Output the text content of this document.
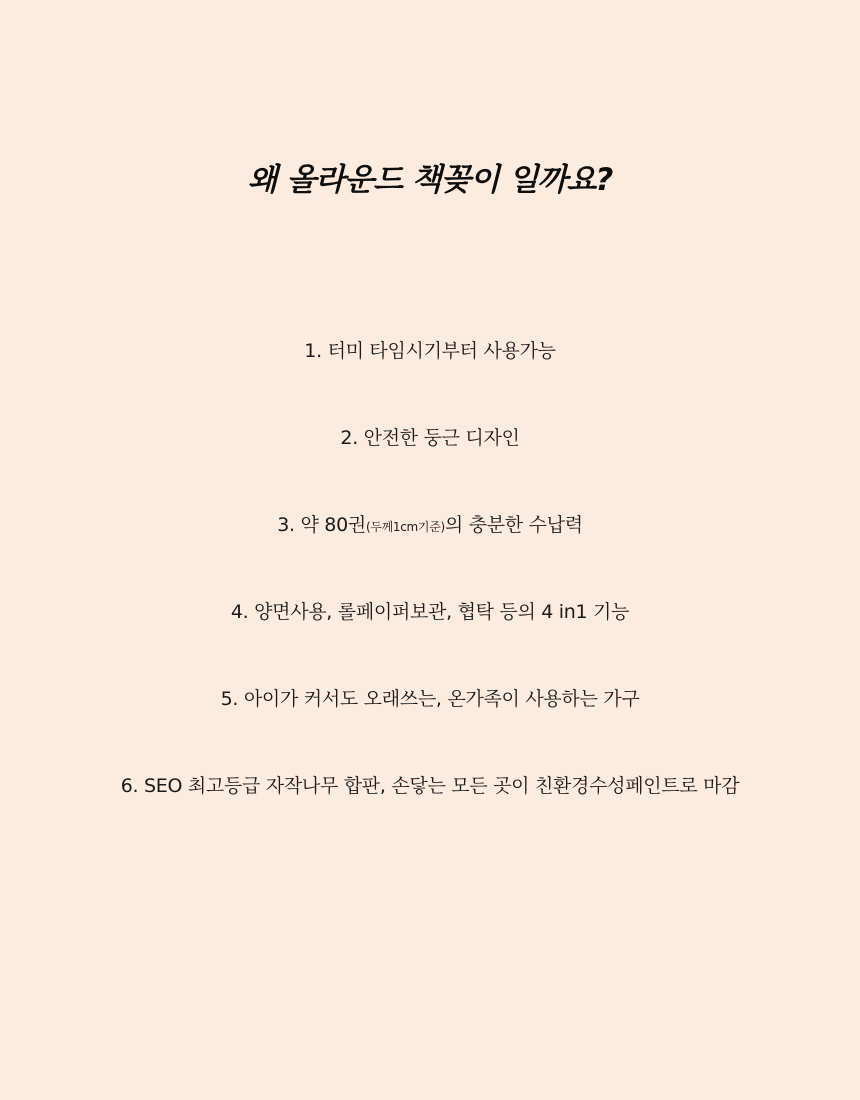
왜 올라운드 책꽂이 일까요?
1. 터미 타임시기부터 사용가능
2. 안전한 둥근 디자인
3. 약 80권(두께1cm기준)의 충분한 수납력
4. 양면사용, 롤페이퍼보관, 협탁 등의 4 in1 기능
5. 아이가 커서도 오래쓰는, 온가족이 사용하는 가구
6. SEO 최고등급 자작나무 합판, 손닿는 모든 곳이 친환경수성페인트로 마감
